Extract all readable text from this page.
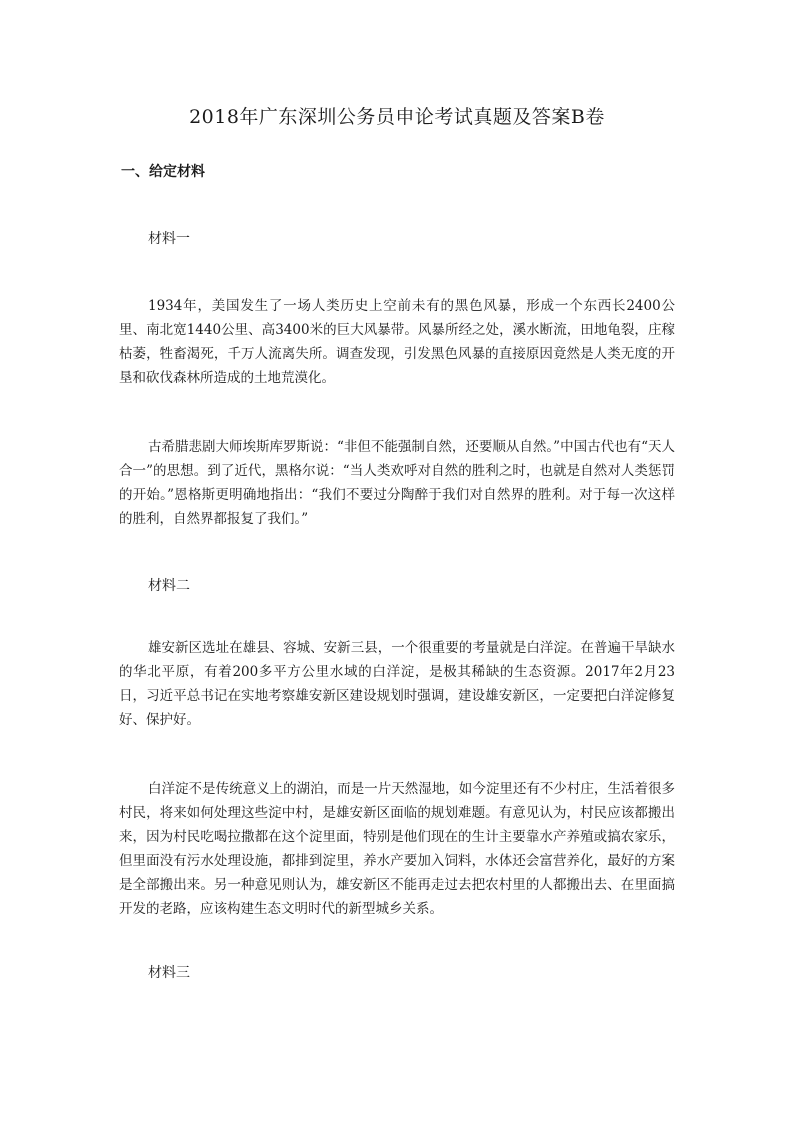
2018年广东深圳公务员申论考试真题及答案B卷
一、给定材料
材料一

1934年，美国发生了一场人类历史上空前未有的黑色风暴，形成一个东西长2400公里、南北宽1440公里、高3400米的巨大风暴带。风暴所经之处，溪水断流，田地龟裂，庄稼枯萎，牲畜渴死，千万人流离失所。调查发现，引发黑色风暴的直接原因竟然是人类无度的开垦和砍伐森林所造成的土地荒漠化。

古希腊悲剧大师埃斯库罗斯说：“非但不能强制自然，还要顺从自然。”中国古代也有“天人合一”的思想。到了近代，黑格尔说：“当人类欢呼对自然的胜利之时，也就是自然对人类惩罚的开始。”恩格斯更明确地指出：“我们不要过分陶醉于我们对自然界的胜利。对于每一次这样的胜利，自然界都报复了我们。”

材料二

雄安新区选址在雄县、容城、安新三县，一个很重要的考量就是白洋淀。在普遍干旱缺水的华北平原，有着200多平方公里水域的白洋淀，是极其稀缺的生态资源。2017年2月23日，习近平总书记在实地考察雄安新区建设规划时强调，建设雄安新区，一定要把白洋淀修复好、保护好。

白洋淀不是传统意义上的湖泊，而是一片天然湿地，如今淀里还有不少村庄，生活着很多村民，将来如何处理这些淀中村，是雄安新区面临的规划难题。有意见认为，村民应该都搬出来，因为村民吃喝拉撒都在这个淀里面，特别是他们现在的生计主要靠水产养殖或搞农家乐，但里面没有污水处理设施，都排到淀里，养水产要加入饲料，水体还会富营养化，最好的方案是全部搬出来。另一种意见则认为，雄安新区不能再走过去把农村里的人都搬出去、在里面搞开发的老路，应该构建生态文明时代的新型城乡关系。

材料三
